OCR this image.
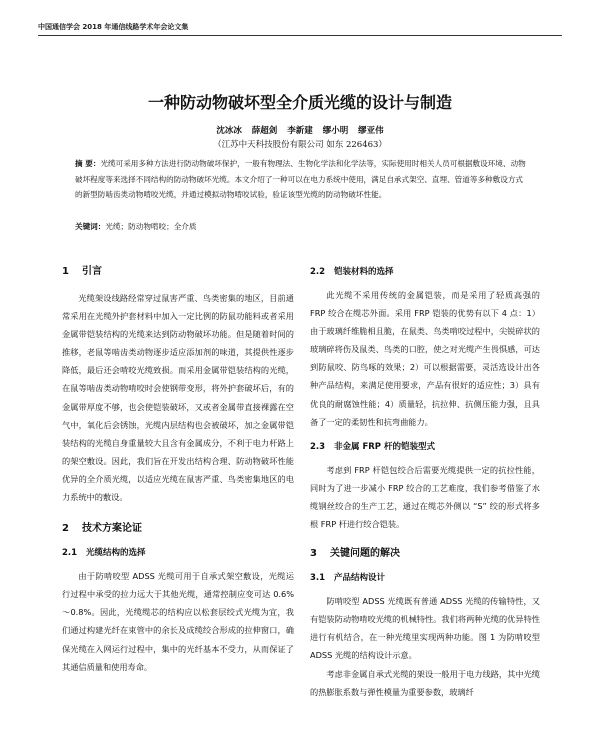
中国通信学会 2018 年通信线路学术年会论文集
一种防动物破坏型全介质光缆的设计与制造
沈冰冰 薛超剑 李新建 缪小明 缪亚伟
（江苏中天科技股份有限公司 如东 226463）
摘 要：光缆可采用多种方法进行防动物破坏保护，一般有物理法、生物化学法和化学法等，实际使用时相关人员可根据敷设环境、动物破坏程度等来选择不同结构的防动物破坏光缆。本文介绍了一种可以在电力系统中使用，满足自承式架空、直埋、管道等多种敷设方式的新型防啮齿类动物啃咬光缆，并通过模拟动物啃咬试验，验证该型光缆的防动物破坏性能。
关键词：光缆；防动物啃咬；全介质
1 引言

光缆架设线路经常穿过鼠害严重、鸟类密集的地区，目前通常采用在光缆外护套材料中加入一定比例的防鼠功能料或者采用金属带铠装结构的光缆来达到防动物破坏功能。但是随着时间的推移，老鼠等啮齿类动物逐步适应添加剂的味道，其提供性逐步降低，最后还会啃咬光缆致损。而采用金属带铠装结构的光缆，在鼠等啮齿类动物啃咬时会使钢带变形，将外护套破坏后，有的金属带厚度不够，也会使铠装破坏，又或者金属带直接裸露在空气中，氧化后会锈蚀，光缆内层结构也会被破坏，加之金属带铠装结构的光缆自身重量较大且含有金属成分，不利于电力杆路上的架空敷设。因此，我们旨在开发出结构合理、防动物破坏性能优异的全介质光缆，以适应光缆在鼠害严重、鸟类密集地区的电力系统中的敷设。

2 技术方案论证
2.1 光缆结构的选择

由于防啃咬型 ADSS 光缆可用于自承式架空敷设，光缆运行过程中承受的拉力远大于其他光缆，通常控制应变可达 0.6%～0.8%。因此，光缆缆芯的结构应以松套层绞式光缆为宜，我们通过构建光纤在束管中的余长及成缆绞合形成的拉伸窗口，确保光缆在入网运行过程中，集中的光纤基本不受力，从而保证了其通信质量和使用寿命。

2.2 铠装材料的选择

此光缆不采用传统的金属铠装，而是采用了轻质高强的 FRP 绞合在缆芯外面。采用 FRP 铠装的优势有以下 4 点：1）由于玻璃纤维脆相且脆，在鼠类、鸟类啃咬过程中，尖锐碎状的玻璃碎将伤及鼠类、鸟类的口腔，使之对光缆产生畏惧感，可达到防鼠咬、防鸟啄的效果；2）可以根据需要，灵活选设计出各种产品结构，来满足使用要求，产品有很好的适应性；3）具有优良的耐腐蚀性能；4）质量轻，抗拉伸、抗侧压能力强，且具备了一定的柔韧性和抗弯曲能力。

2.3 非金属 FRP 杆的铠装型式

考虑到 FRP 杆铠包绞合后需要光缆提供一定的抗拉性能，同时为了进一步减小 FRP 绞合的工艺难度，我们参考借鉴了水缆钢丝绞合的生产工艺，通过在缆芯外侧以 “S” 绞的形式将多根 FRP 杆进行绞合铠装。

3 关键问题的解决
3.1 产品结构设计

防啃咬型 ADSS 光缆既有普通 ADSS 光缆的传输特性，又有铠装防动物啃咬光缆的机械特性。我们将两种光缆的优异特性进行有机结合，在一种光缆里实现两种功能。图 1 为防啃咬型 ADSS 光缆的结构设计示意。

考虑非金属自承式光缆的架设一般用于电力线路，其中光缆的热膨胀系数与弹性模量为重要参数，玻璃纤
